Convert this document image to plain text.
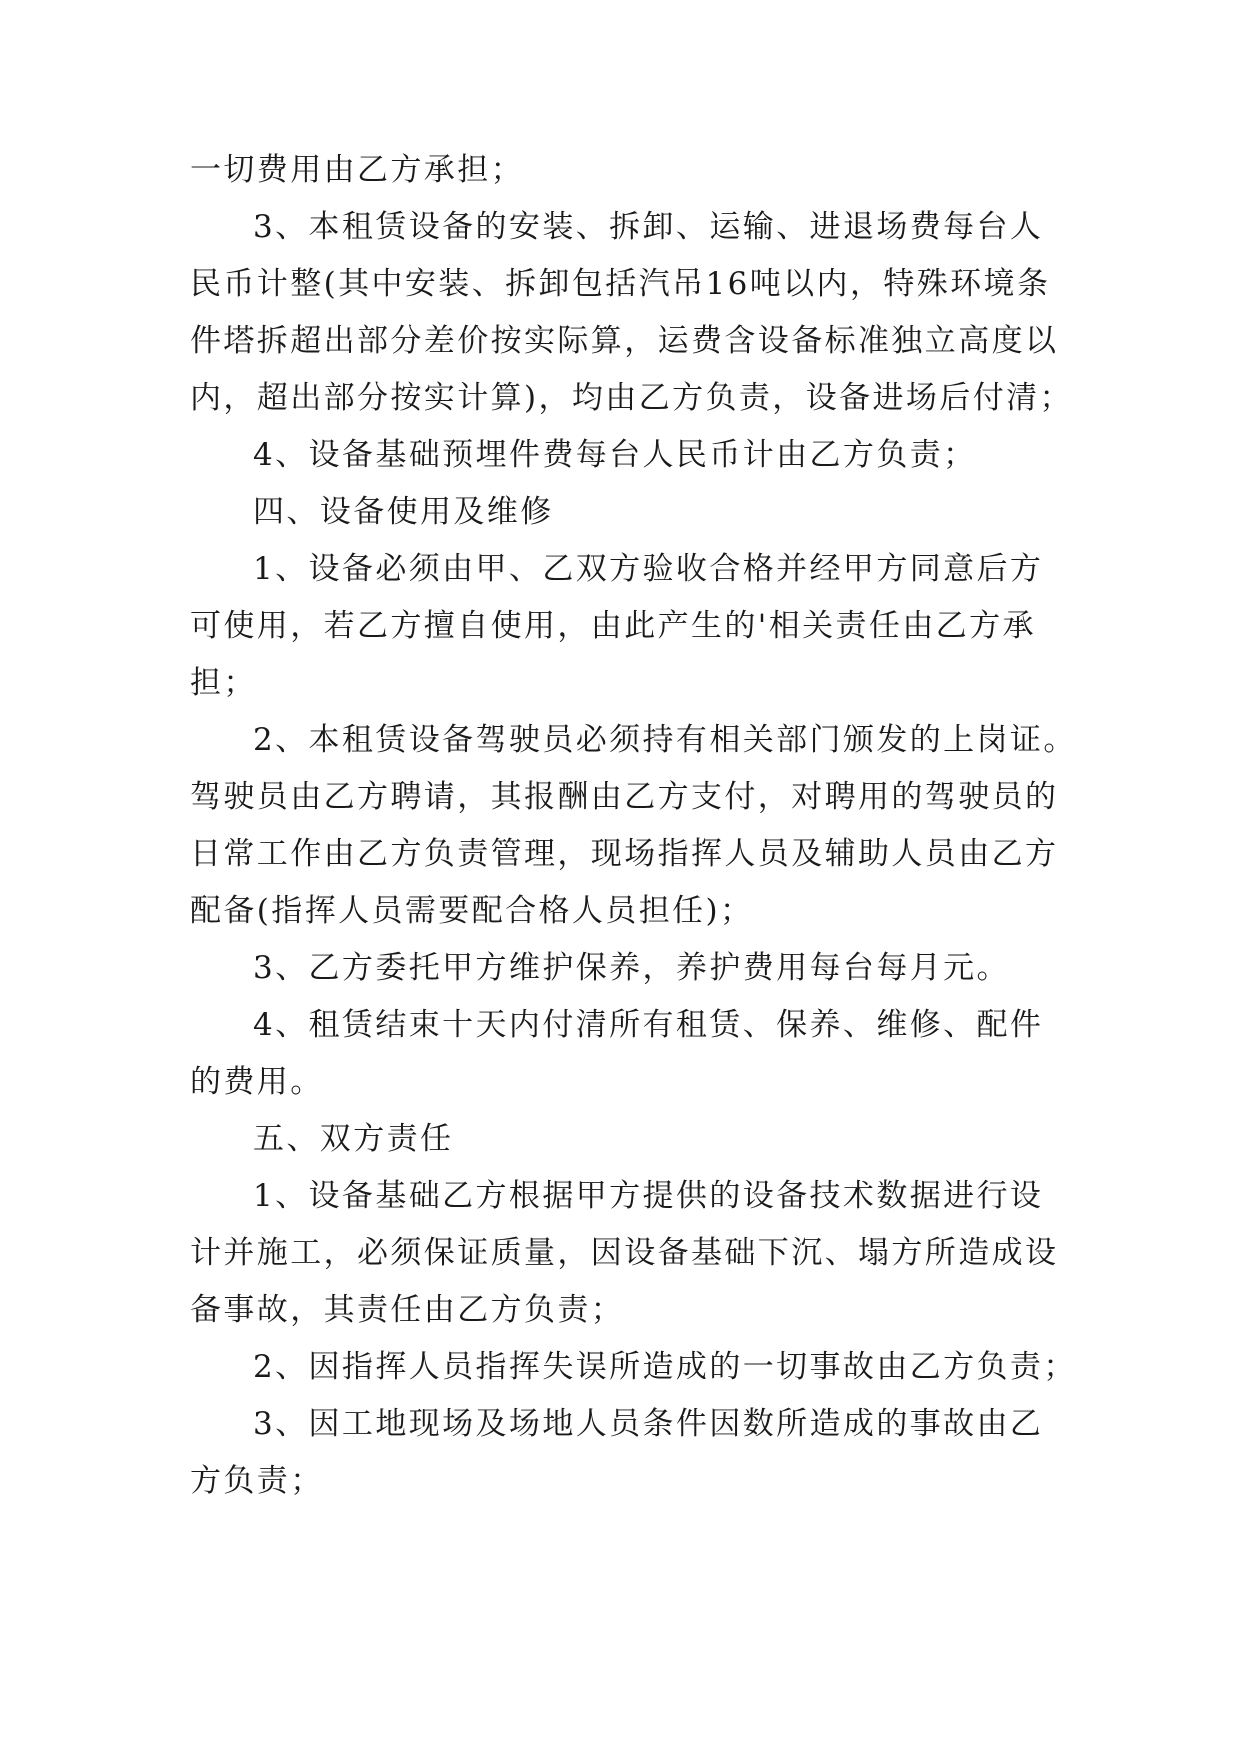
一切费用由乙方承担；
3、本租赁设备的安装、拆卸、运输、进退场费每台人
民币计整(其中安装、拆卸包括汽吊16吨以内，特殊环境条
件塔拆超出部分差价按实际算，运费含设备标准独立高度以
内，超出部分按实计算)，均由乙方负责，设备进场后付清；
4、设备基础预埋件费每台人民币计由乙方负责；
四、设备使用及维修
1、设备必须由甲、乙双方验收合格并经甲方同意后方
可使用，若乙方擅自使用，由此产生的'相关责任由乙方承
担；
2、本租赁设备驾驶员必须持有相关部门颁发的上岗证。
驾驶员由乙方聘请，其报酬由乙方支付，对聘用的驾驶员的
日常工作由乙方负责管理，现场指挥人员及辅助人员由乙方
配备(指挥人员需要配合格人员担任)；
3、乙方委托甲方维护保养，养护费用每台每月元。
4、租赁结束十天内付清所有租赁、保养、维修、配件
的费用。
五、双方责任
1、设备基础乙方根据甲方提供的设备技术数据进行设
计并施工，必须保证质量，因设备基础下沉、塌方所造成设
备事故，其责任由乙方负责；
2、因指挥人员指挥失误所造成的一切事故由乙方负责；
3、因工地现场及场地人员条件因数所造成的事故由乙
方负责；
